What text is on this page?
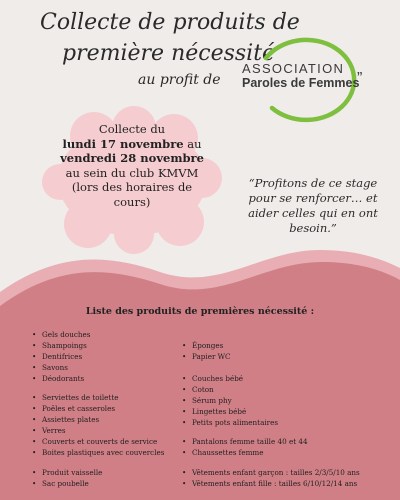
Collecte de produits de
première nécessité
au profit de
ASSOCIATION
Paroles de Femmes
”
Collecte du
lundi 17 novembre au
vendredi 28 novembre
au sein du club KMVM
(lors des horaires de
cours)
“Profitons de ce stage
pour se renforcer… et
aider celles qui en ont
besoin.”
Liste des produits de premières nécessité :
• Gels douches
• Shampoings
• Dentifrices
• Savons
• Déodorants
• Serviettes de toilette
• Poêles et casseroles
• Assiettes plates
• Verres
• Couverts et couverts de service
• Boites plastiques avec couvercles
• Produit vaisselle
• Sac poubelle
• Éponges
• Papier WC
• Couches bébé
• Coton
• Sérum phy
• Lingettes bébé
• Petits pots alimentaires
• Pantalons femme taille 40 et 44
• Chaussettes femme
• Vêtements enfant garçon : tailles 2/3/5/10 ans
• Vêtements enfant fille : tailles 6/10/12/14 ans
